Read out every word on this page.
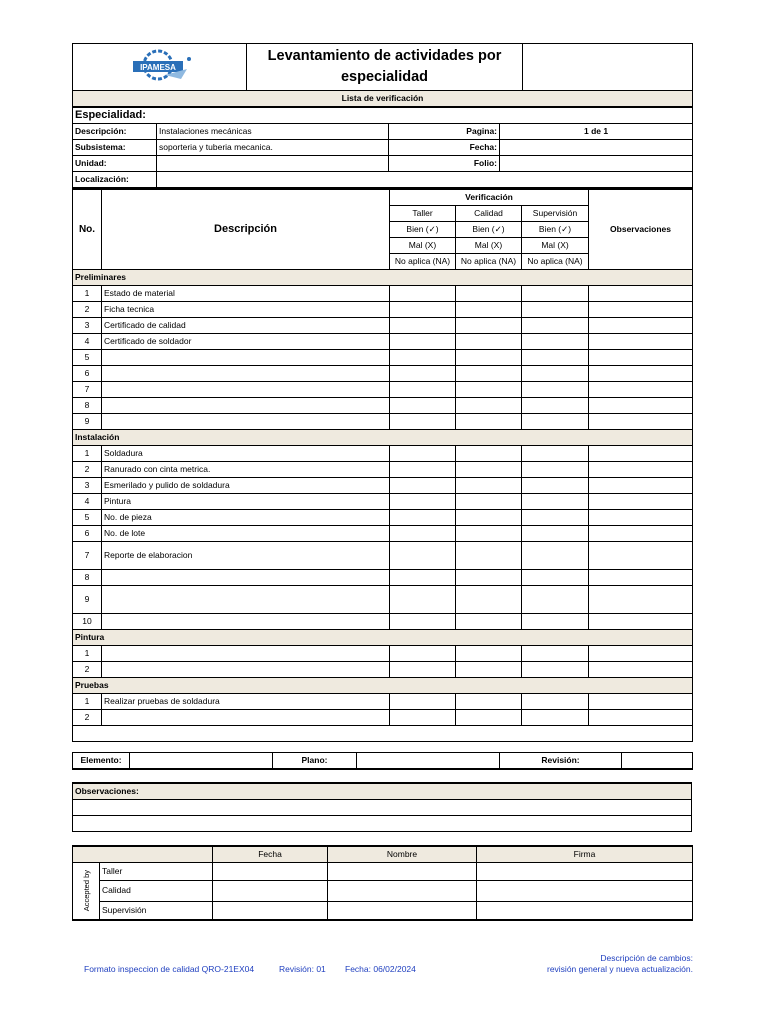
IPAMESA
	Levantamiento de actividades por especialidad	
Lista de verificación
Especialidad:			
Descripción:	Instalaciones mecánicas	Pagina:	1 de 1
Subsistema:	soporteria y tuberia mecanica.	Fecha:	
Unidad:		Folio:	
Localización:			
No.	Descripción	Verificación			Observaciones
		Taller	Calidad	Supervisión	
		Bien (✓)	Bien (✓)	Bien (✓)	
		Mal (X)	Mal (X)	Mal (X)	
		No aplica (NA)	No aplica (NA)	No aplica (NA)	
Preliminares					
1	Estado de material				
2	Ficha tecnica				
3	Certificado de calidad				
4	Certificado de soldador				
5					
6					
7					
8					
9					
Instalación					
1	Soldadura				
2	Ranurado con cinta metrica.				
3	Esmerilado y pulido de soldadura				
4	Pintura				
5	No. de pieza				
6	No. de lote				
7	Reporte de elaboracion				
8					
9					
10					
Pintura					
1					
2					
Pruebas					
1	Realizar pruebas de soldadura				
2					

Elemento:		Plano:		Revisión:	
Observaciones:

		Fecha	Nombre	Firma

Accepted by	Taller			
	Calidad			
	Supervisión			
Formato inspeccion de calidad QRO-21EX04	Revisión: 01 Fecha: 06/02/2024
Descripción de cambios:
revisión general y nueva actualización.
